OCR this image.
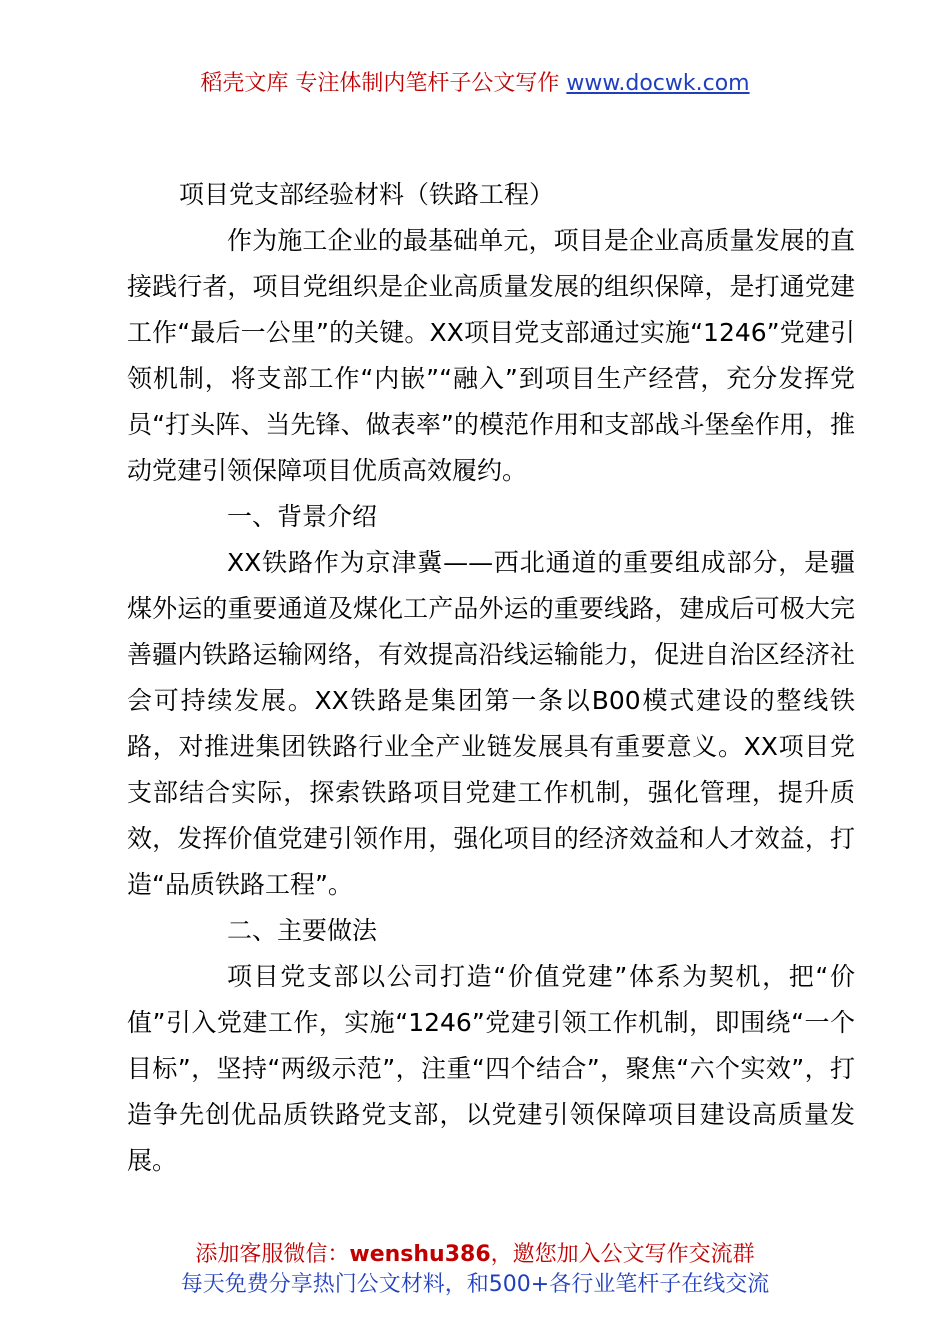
稻壳文库 专注体制内笔杆子公文写作 www.docwk.com

项目党支部经验材料（铁路工程）

作为施工企业的最基础单元，项目是企业高质量发展的直接践行者，项目党组织是企业高质量发展的组织保障，是打通党建工作“最后一公里”的关键。XX项目党支部通过实施“1246”党建引领机制，将支部工作“内嵌”“融入”到项目生产经营，充分发挥党员“打头阵、当先锋、做表率”的模范作用和支部战斗堡垒作用，推动党建引领保障项目优质高效履约。

一、背景介绍

XX铁路作为京津冀——西北通道的重要组成部分，是疆煤外运的重要通道及煤化工产品外运的重要线路，建成后可极大完善疆内铁路运输网络，有效提高沿线运输能力，促进自治区经济社会可持续发展。XX铁路是集团第一条以B00模式建设的整线铁路，对推进集团铁路行业全产业链发展具有重要意义。XX项目党支部结合实际，探索铁路项目党建工作机制，强化管理，提升质效，发挥价值党建引领作用，强化项目的经济效益和人才效益，打造“品质铁路工程”。

二、主要做法

项目党支部以公司打造“价值党建”体系为契机，把“价值”引入党建工作，实施“1246”党建引领工作机制，即围绕“一个目标”，坚持“两级示范”，注重“四个结合”，聚焦“六个实效”，打造争先创优品质铁路党支部，以党建引领保障项目建设高质量发展。

添加客服微信：wenshu386，邀您加入公文写作交流群
每天免费分享热门公文材料，和500+各行业笔杆子在线交流
